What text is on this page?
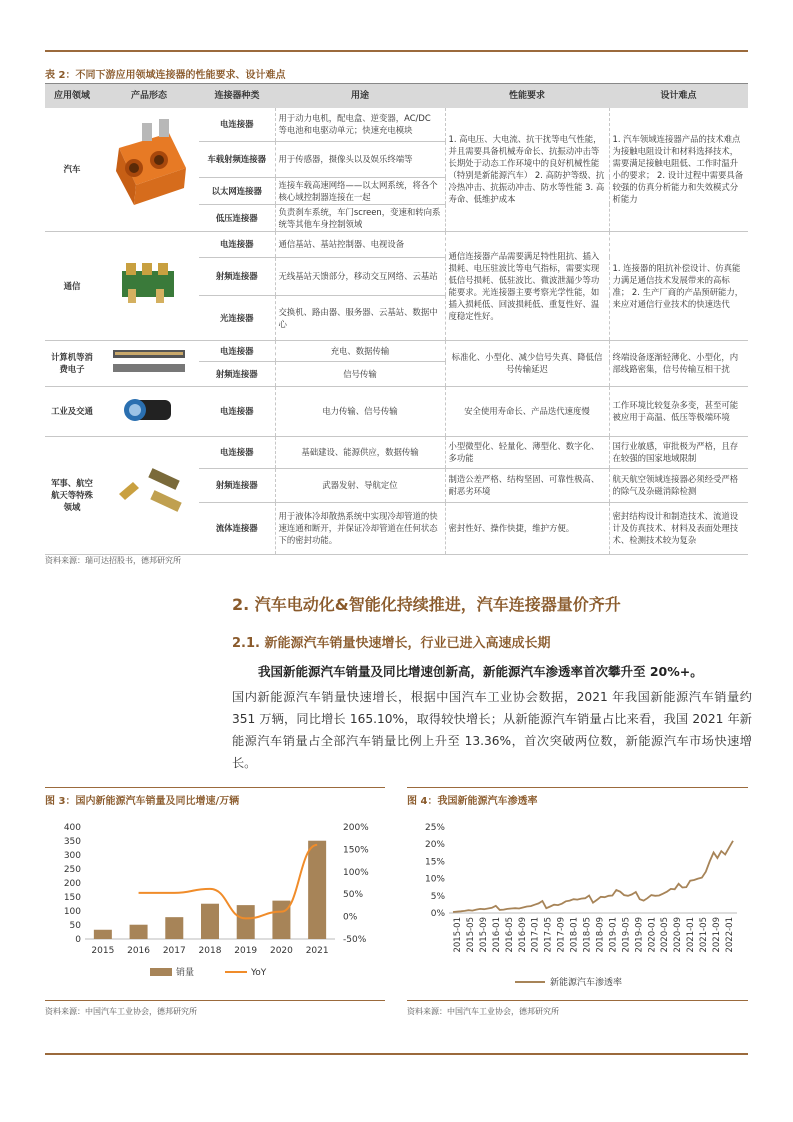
表 2：不同下游应用领域连接器的性能要求、设计难点
应用领域	产品形态	连接器种类	用途	性能要求	设计难点
汽车		电连接器	用于动力电机，配电盒、逆变器，AC/DC 等电池和电驱动单元；快速充电模块	1. 高电压、大电流、抗干扰等电气性能，并且需要具备机械寿命长、抗振动冲击等长期处于动态工作环境中的良好机械性能（特别是新能源汽车） 2. 高防护等级、抗冷热冲击、抗振动冲击、防水等性能 3. 高寿命、低维护成本	1. 汽车领域连接器产品的技术难点为接触电阻设计和材料选择技术，需要满足接触电阻低、工作时温升小的要求； 2. 设计过程中需要具备较强的仿真分析能力和失效模式分析能力
		车载射频连接器	用于传感器，摄像头以及娱乐终端等		
		以太网连接器	连接车载高速网络——以太网系统，将各个核心域控制器连接在一起		
		低压连接器	负责刹车系统，车门screen，变速和转向系统等其他车身控制领域		
通信		电连接器	通信基站、基站控制器、电视设备	通信连接器产品需要满足特性阻抗、插入损耗、电压驻波比等电气指标，需要实现低信号损耗、低驻波比、微波泄漏少等功能要求。光连接器主要考察光学性能，如插入损耗低、回波损耗低、重复性好、温度稳定性好。	1. 连接器的阻抗补偿设计、仿真能力满足通信技术发展带来的高标准； 2. 生产厂商的产品预研能力，来应对通信行业技术的快速迭代
		射频连接器	无线基站天馈部分，移动交互网络、云基站		
		光连接器	交换机、路由器、服务器、云基站、数据中心		
计算机等消费电子		电连接器	充电、数据传输	标准化、小型化、减少信号失真、降低信号传输延迟	终端设备逐渐轻薄化、小型化，内部线路密集，信号传输互相干扰
		射频连接器	信号传输		
工业及交通		电连接器	电力传输、信号传输	安全使用寿命长、产品迭代速度慢	工作环境比较复杂多变，甚至可能被应用于高温、低压等极端环境
军事、航空航天等特殊领域		电连接器	基础建设、能源供应，数据传输	小型微型化、轻量化、薄型化、数字化、多功能	国行业敏感，审批极为严格，且存在较强的国家地域限制
		射频连接器	武器发射、导航定位	制造公差严格、结构坚固、可靠性极高、耐恶劣环境	航天航空领域连接器必须经受严格的除气及杂磁消除检测
		流体连接器	用于液体冷却散热系统中实现冷却管道的快速连通和断开，并保证冷却管道在任何状态下的密封功能。	密封性好、操作快捷，维护方便。	密封结构设计和制造技术、流道设计及仿真技术、材料及表面处理技术、检测技术较为复杂
资料来源：瑞可达招股书，德邦研究所
2. 汽车电动化&智能化持续推进，汽车连接器量价齐升
2.1. 新能源汽车销量快速增长，行业已进入高速成长期
我国新能源汽车销量及同比增速创新高，新能源汽车渗透率首次攀升至 20%+。
国内新能源汽车销量快速增长，根据中国汽车工业协会数据，2021 年我国新能源汽车销量约 351 万辆，同比增长 165.10%，取得较快增长；从新能源汽车销量占比来看，我国 2021 年新能源汽车销量占全部汽车销量比例上升至 13.36%，首次突破两位数，新能源汽车市场快速增长。
图 3：国内新能源汽车销量及同比增速/万辆
400
350
300
250
200
150
100
50
0
200%
150%
100%
50%
0%
-50%
2015 2016 2017 2018 2019 2020 2021
销量	YoY
资料来源：中国汽车工业协会，德邦研究所
图 4：我国新能源汽车渗透率
25%
20%
15%
10%
5%
0%
2015-01 2015-05 2015-09 2016-01 2016-05 2016-09 2017-01 2017-05 2017-09 2018-01 2018-05 2018-09 2019-01 2019-05 2019-09 2020-01 2020-05 2020-09 2021-01 2021-05 2021-09 2022-01
新能源汽车渗透率
资料来源：中国汽车工业协会，德邦研究所
